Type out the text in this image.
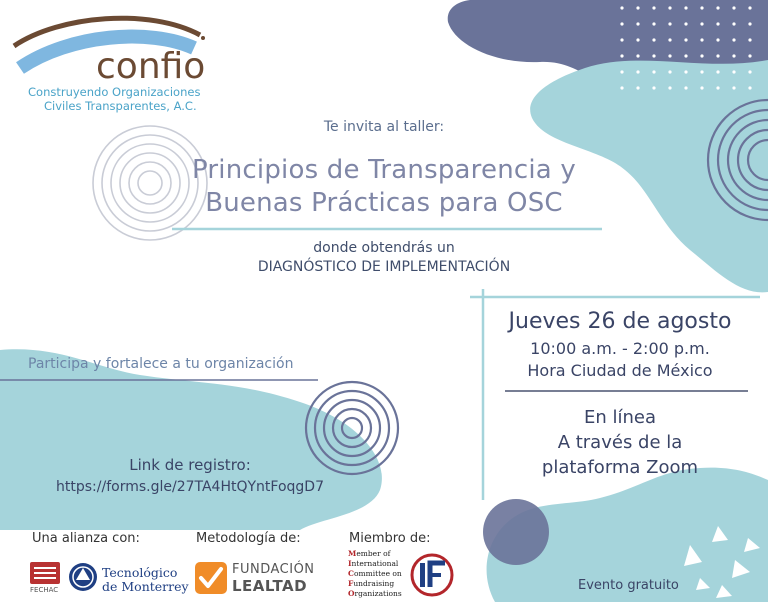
confio
Construyendo Organizaciones
Civiles Transparentes, A.C.
Te invita al taller:
Principios de Transparencia y
Buenas Prácticas para OSC
donde obtendrás un
DIAGNÓSTICO DE IMPLEMENTACIÓN
Jueves 26 de agosto
10:00 a.m. - 2:00 p.m.
Hora Ciudad de México
En línea
A través de la
plataforma Zoom
Participa y fortalece a tu organización
Link de registro:
https://forms.gle/27TA4HtQYntFoqgD7
Una alianza con:	Metodología de:	Miembro de:
FECHAC
Tecnológico
de Monterrey
FUNDACIÓN
LEALTAD
Member of
International
Committee on
Fundraising
Organizations
Evento gratuito
